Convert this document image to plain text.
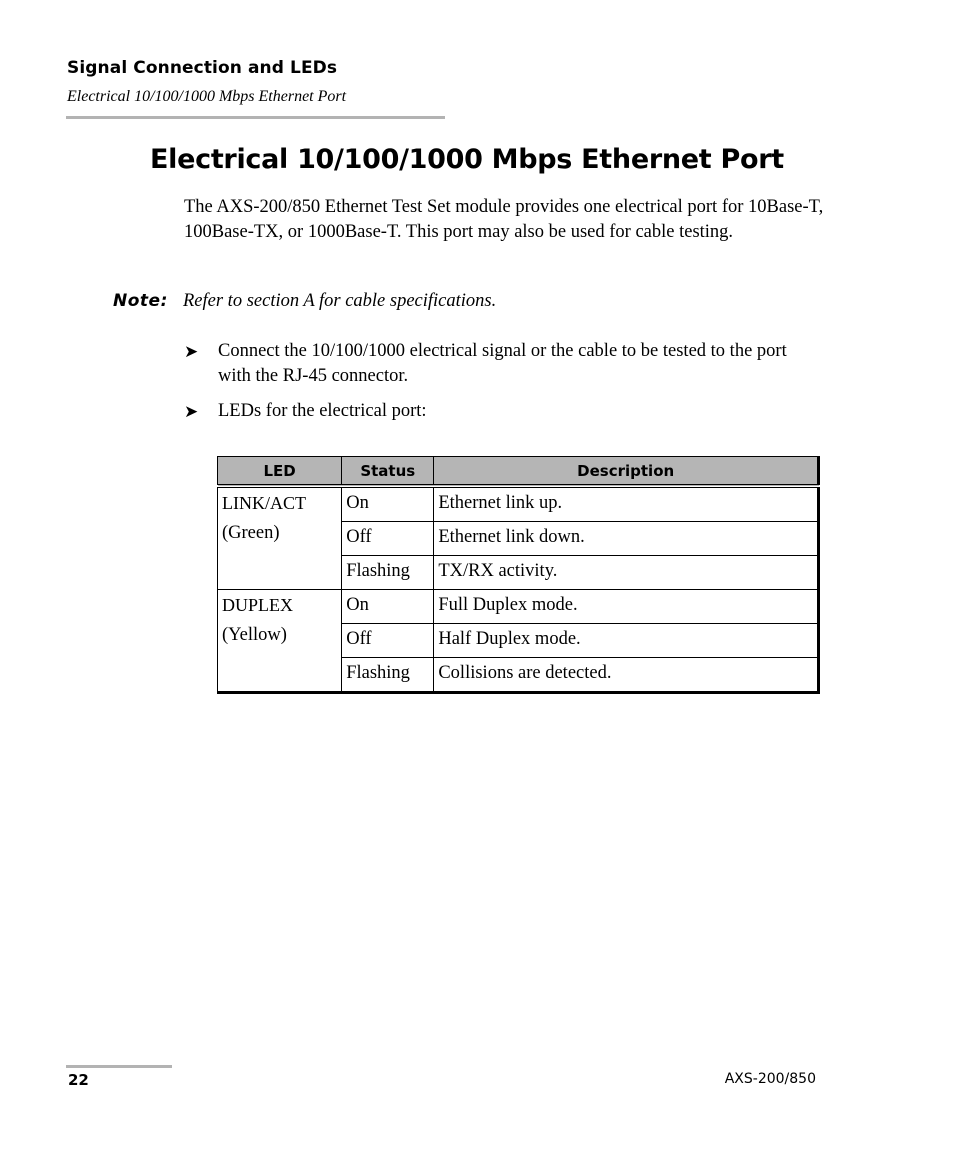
Signal Connection and LEDs
Electrical 10/100/1000 Mbps Ethernet Port
Electrical 10/100/1000 Mbps Ethernet Port

The AXS-200/850 Ethernet Test Set module provides one electrical port for 10Base-T, 100Base-TX, or 1000Base-T. This port may also be used for cable testing.

Note: Refer to section A for cable specifications.
➤ Connect the 10/100/1000 electrical signal or the cable to be tested to the port with the RJ-45 connector.
➤ LEDs for the electrical port:
LED	Status	Description

LINK/ACT
(Green)	On	Ethernet link up.
	Off	Ethernet link down.
	Flashing	TX/RX activity.

DUPLEX
(Yellow)	On	Full Duplex mode.
	Off	Half Duplex mode.
	Flashing	Collisions are detected.
22	AXS-200/850
